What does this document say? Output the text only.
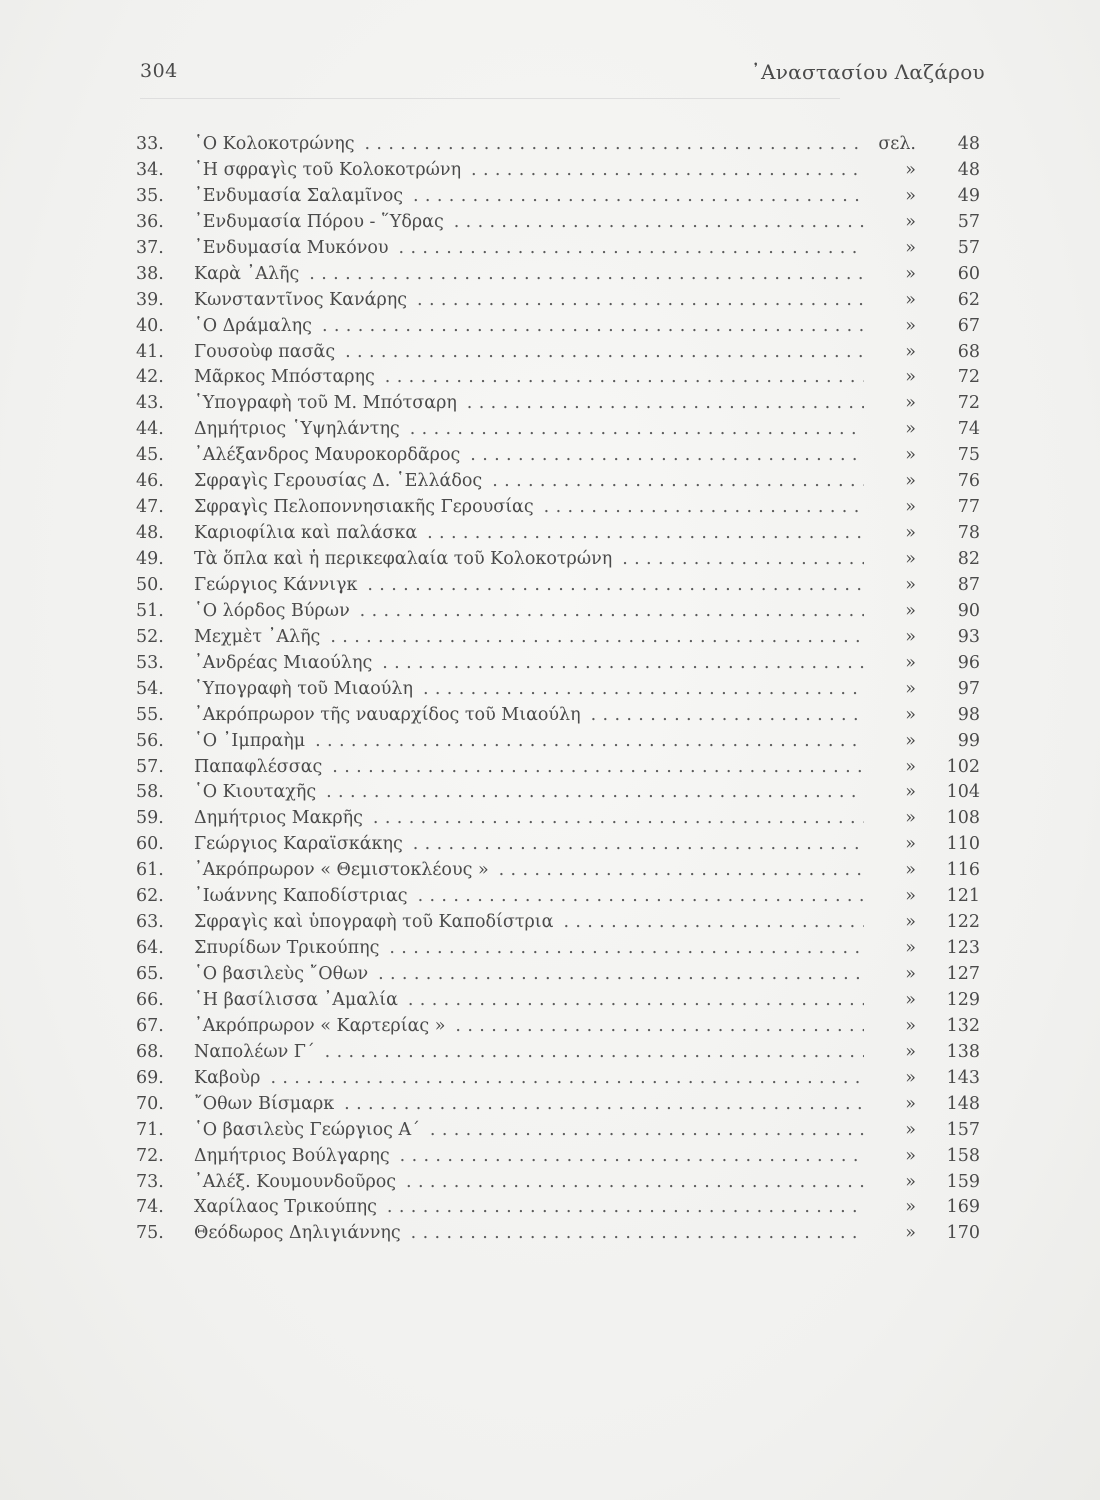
304	᾿Αναστασίου Λαζάρου
33.	῾Ο Κολοκοτρώνης . . .	σελ.	48
34.	῾Η σφραγὶς τοῦ Κολοκοτρώνη . . .	»	48
35.	᾿Ενδυμασία Σαλαμῖνος . . .	»	49
36.	᾿Ενδυμασία Πόρου - ῞Υδρας . . .	»	57
37.	᾿Ενδυμασία Μυκόνου . . .	»	57
38.	Καρὰ ᾿Αλῆς . . .	»	60
39.	Κωνσταντῖνος Κανάρης . . .	»	62
40.	῾Ο Δράμαλης . . .	»	67
41.	Γουσοὺφ πασᾶς . . .	»	68
42.	Μᾶρκος Μπόσταρης . . .	»	72
43.	῾Υπογραφὴ τοῦ Μ. Μπότσαρη . . .	»	72
44.	Δημήτριος ῾Υψηλάντης . . .	»	74
45.	᾿Αλέξανδρος Μαυροκορδᾶρος . . .	»	75
46.	Σφραγὶς Γερουσίας Δ. ῾Ελλάδος . . .	»	76
47.	Σφραγὶς Πελοποννησιακῆς Γερουσίας . . .	»	77
48.	Καριοφίλια καὶ παλάσκα . . .	»	78
49.	Τὰ ὅπλα καὶ ἡ περικεφαλαία τοῦ Κολοκοτρώνη . . .	»	82
50.	Γεώργιος Κάννιγκ . . .	»	87
51.	῾Ο λόρδος Βύρων . . .	»	90
52.	Μεχμὲτ ᾿Αλῆς . . .	»	93
53.	᾿Ανδρέας Μιαούλης . . .	»	96
54.	῾Υπογραφὴ τοῦ Μιαούλη . . .	»	97
55.	᾿Ακρόπρωρον τῆς ναυαρχίδος τοῦ Μιαούλη . . .	»	98
56.	῾Ο ᾿Ιμπραὴμ . . .	»	99
57.	Παπαφλέσσας . . .	»	102
58.	῾Ο Κιουταχῆς . . .	»	104
59.	Δημήτριος Μακρῆς . . .	»	108
60.	Γεώργιος Καραϊσκάκης . . .	»	110
61.	᾿Ακρόπρωρον « Θεμιστοκλέους » . . .	»	116
62.	᾿Ιωάννης Καποδίστριας . . .	»	121
63.	Σφραγὶς καὶ ὑπογραφὴ τοῦ Καποδίστρια . . .	»	122
64.	Σπυρίδων Τρικούπης . . .	»	123
65.	῾Ο βασιλεὺς ῎Οθων . . .	»	127
66.	῾Η βασίλισσα ᾿Αμαλία . . .	»	129
67.	᾿Ακρόπρωρον « Καρτερίας » . . .	»	132
68.	Ναπολέων Γ΄ . . .	»	138
69.	Καβοὺρ . . .	»	143
70.	῎Οθων Βίσμαρκ . . .	»	148
71.	῾Ο βασιλεὺς Γεώργιος Α΄ . . .	»	157
72.	Δημήτριος Βούλγαρης . . .	»	158
73.	᾿Αλέξ. Κουμουνδοῦρος . . .	»	159
74.	Χαρίλαος Τρικούπης . . .	»	169
75.	Θεόδωρος Δηλιγιάννης . . .	»	170
